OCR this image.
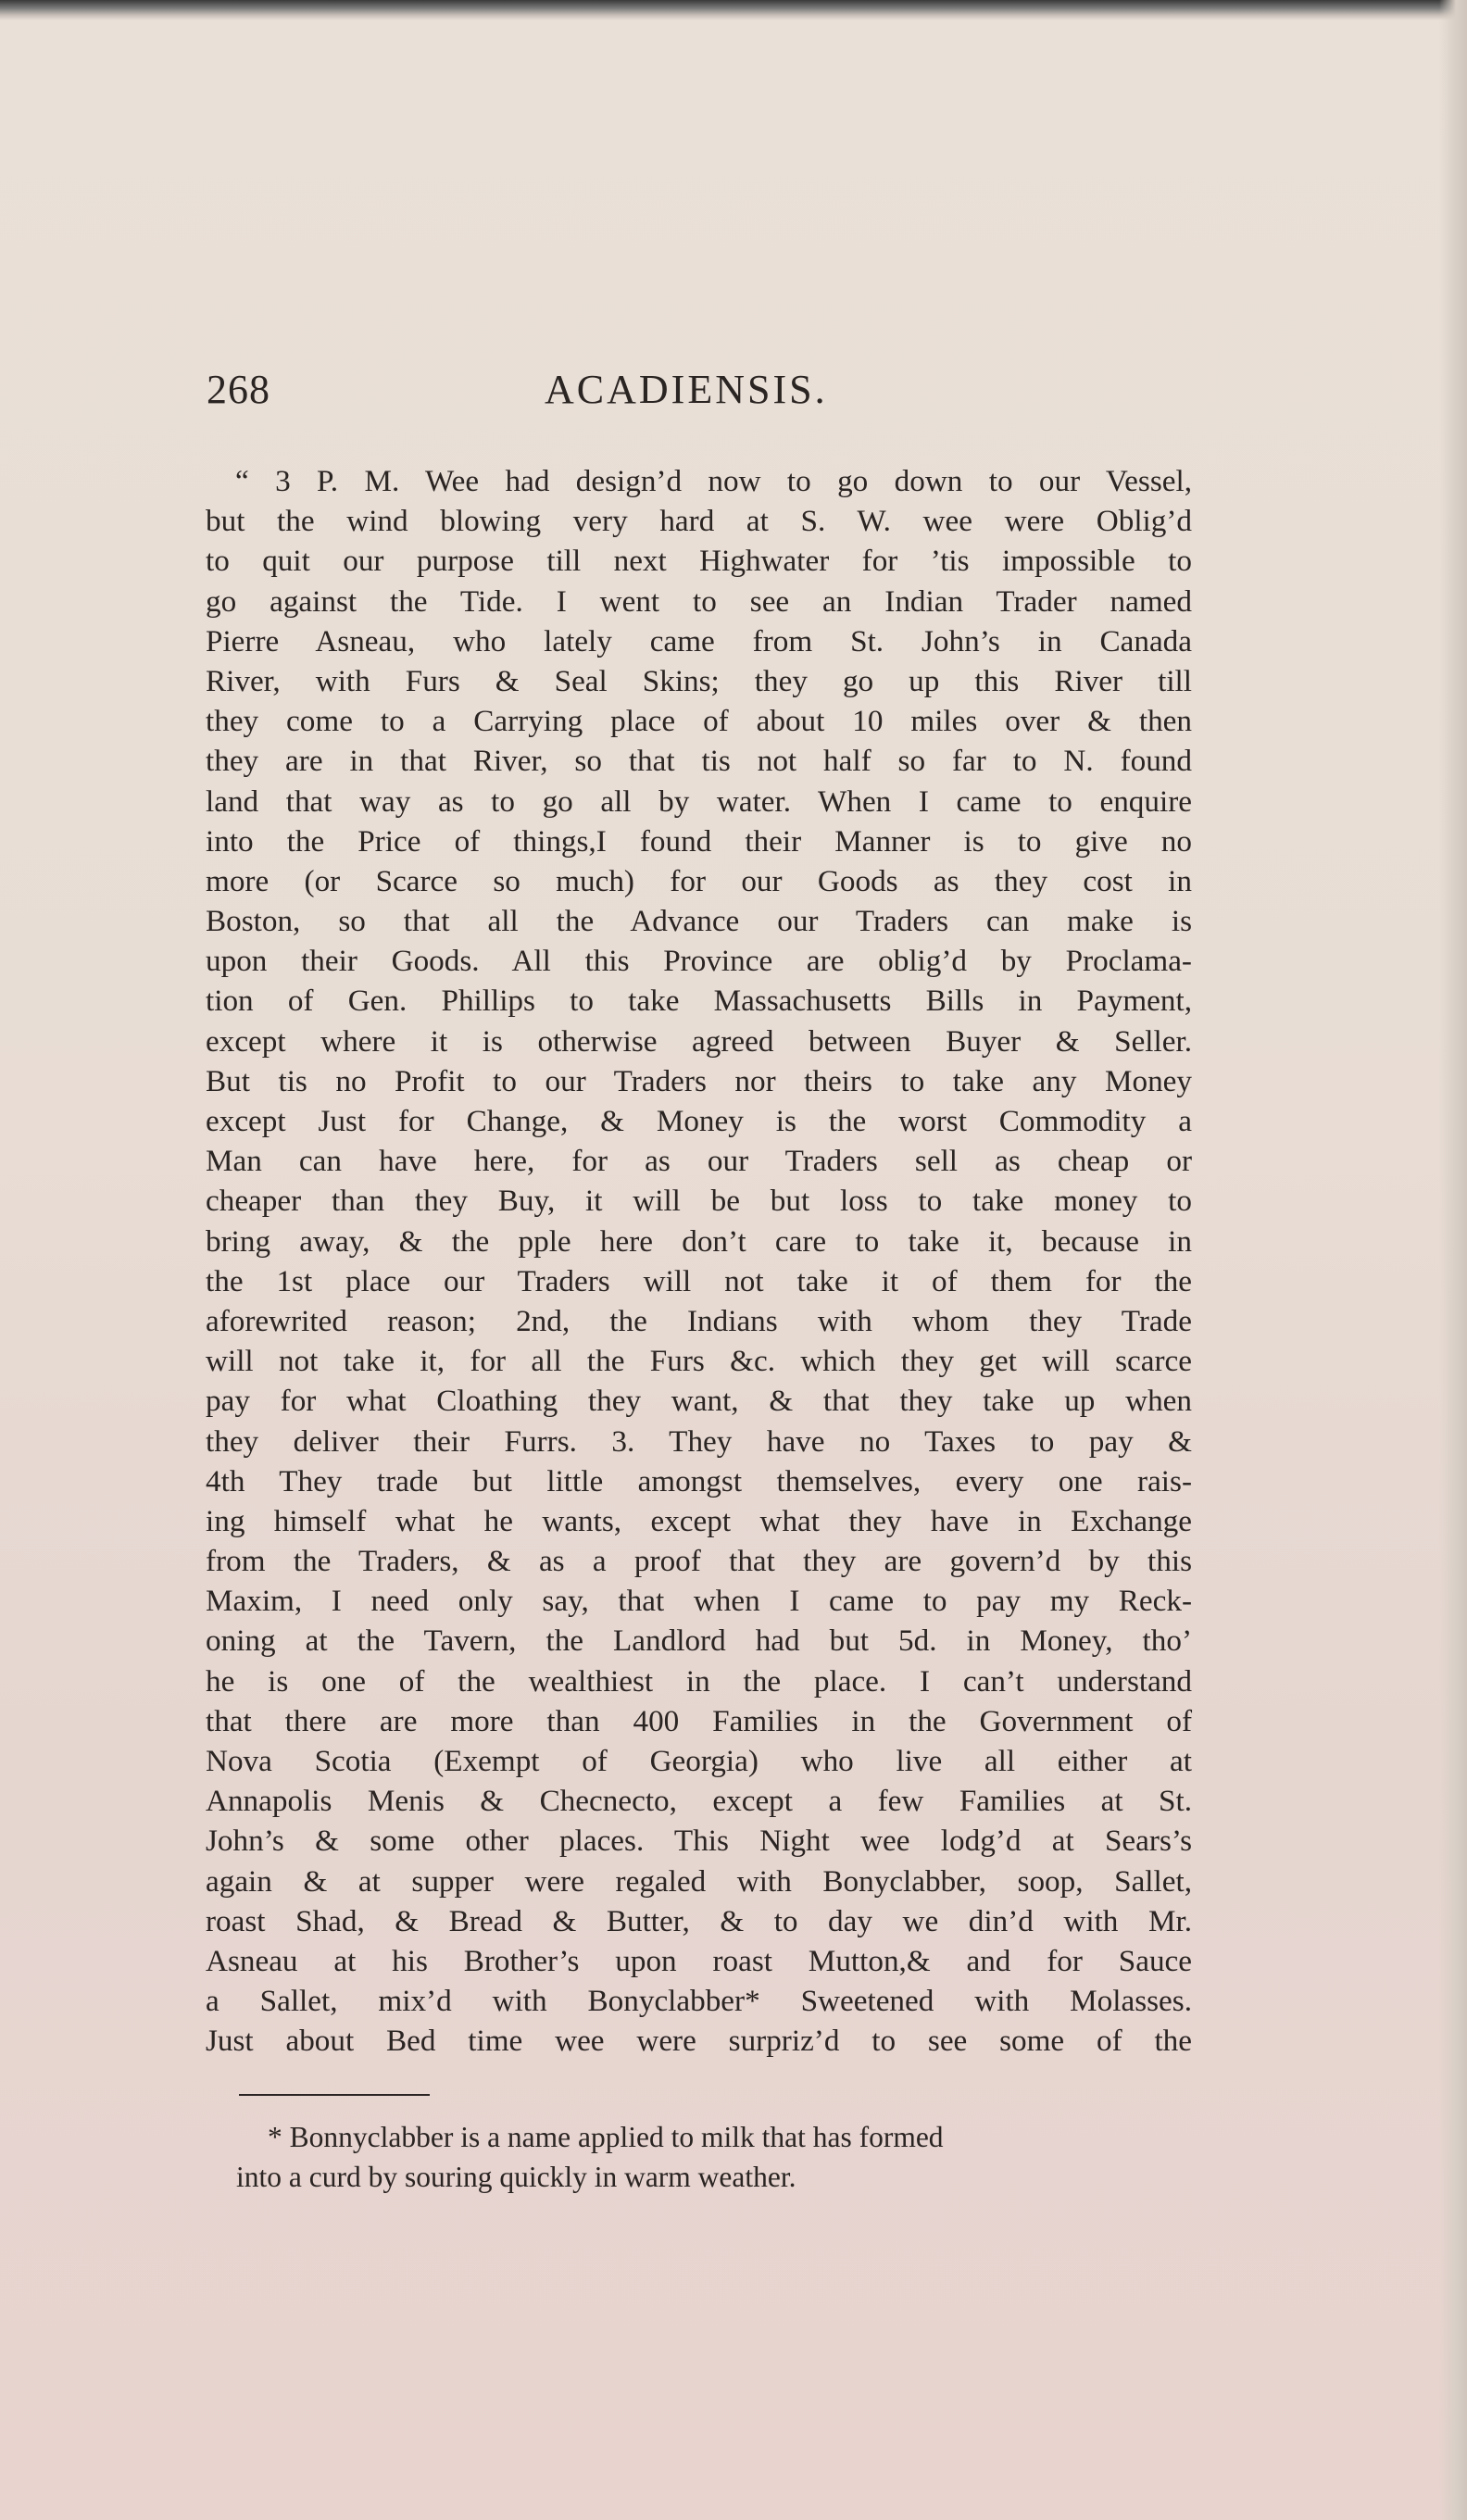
268	ACADIENSIS.
“ 3 P. M. Wee had design’d now to go down to our Vessel,
but the wind blowing very hard at S. W. wee were Oblig’d
to quit our purpose till next Highwater for ’tis impossible to
go against the Tide. I went to see an Indian Trader named
Pierre Asneau, who lately came from St. John’s in Canada
River, with Furs & Seal Skins; they go up this River till
they come to a Carrying place of about 10 miles over & then
they are in that River, so that tis not half so far to N. found
land that way as to go all by water. When I came to enquire
into the Price of things,I found their Manner is to give no
more (or Scarce so much) for our Goods as they cost in
Boston, so that all the Advance our Traders can make is
upon their Goods. All this Province are oblig’d by Proclama-
tion of Gen. Phillips to take Massachusetts Bills in Payment,
except where it is otherwise agreed between Buyer & Seller.
But tis no Profit to our Traders nor theirs to take any Money
except Just for Change, & Money is the worst Commodity a
Man can have here, for as our Traders sell as cheap or
cheaper than they Buy, it will be but loss to take money to
bring away, & the pple here don’t care to take it, because in
the 1st place our Traders will not take it of them for the
aforewrited reason; 2nd, the Indians with whom they Trade
will not take it, for all the Furs &c. which they get will scarce
pay for what Cloathing they want, & that they take up when
they deliver their Furrs. 3. They have no Taxes to pay &
4th They trade but little amongst themselves, every one rais-
ing himself what he wants, except what they have in Exchange
from the Traders, & as a proof that they are govern’d by this
Maxim, I need only say, that when I came to pay my Reck-
oning at the Tavern, the Landlord had but 5d. in Money, tho’
he is one of the wealthiest in the place. I can’t understand
that there are more than 400 Families in the Government of
Nova Scotia (Exempt of Georgia) who live all either at
Annapolis Menis & Checnecto, except a few Families at St.
John’s & some other places. This Night wee lodg’d at Sears’s
again & at supper were regaled with Bonyclabber, soop, Sallet,
roast Shad, & Bread & Butter, & to day we din’d with Mr.
Asneau at his Brother’s upon roast Mutton,& and for Sauce
a Sallet, mix’d with Bonyclabber* Sweetened with Molasses.
Just about Bed time wee were surpriz’d to see some of the
* Bonnyclabber is a name applied to milk that has formed
into a curd by souring quickly in warm weather.
